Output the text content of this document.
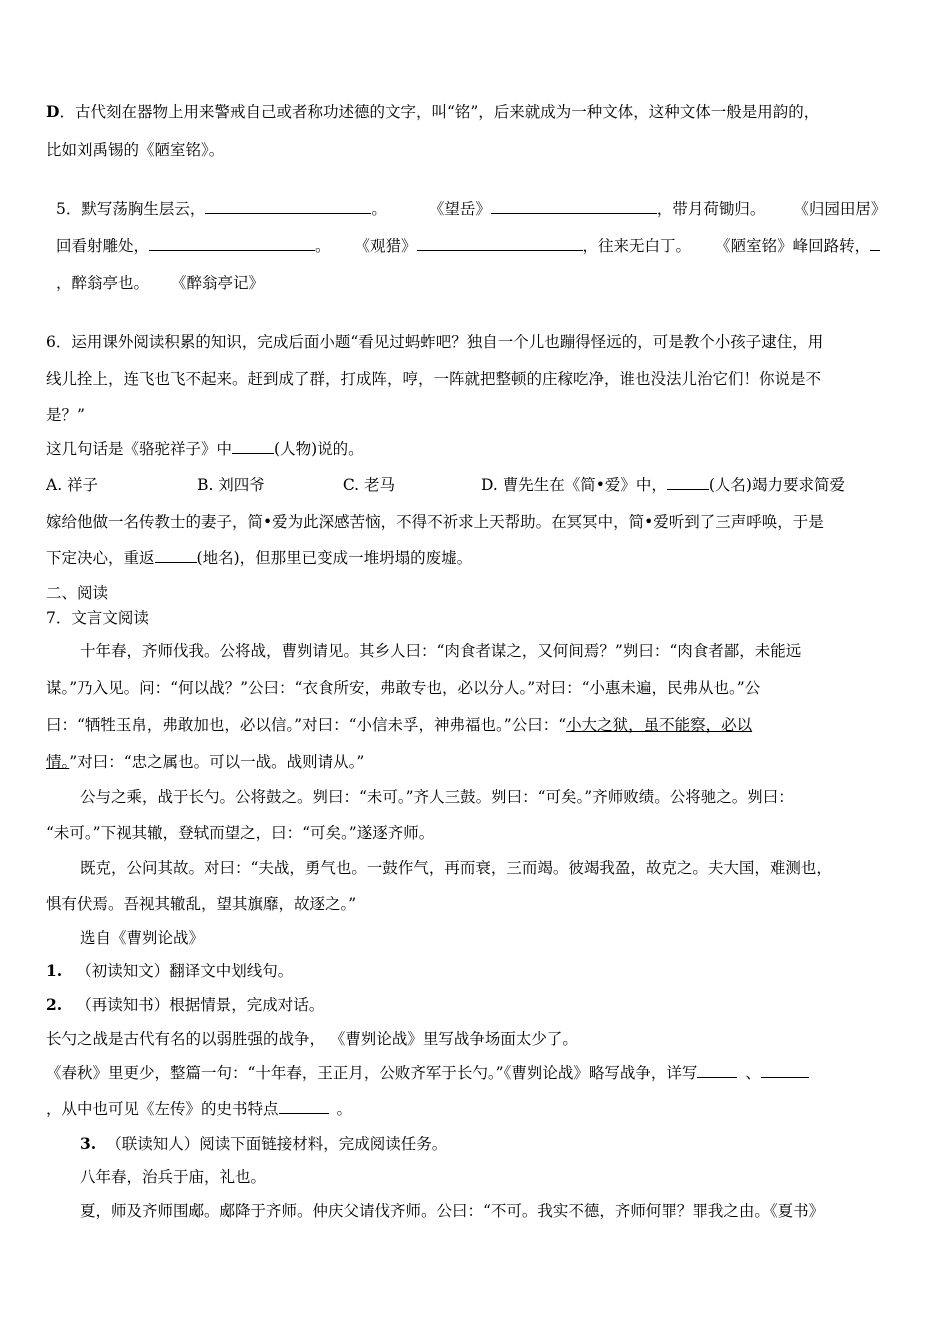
D．古代刻在器物上用来警戒自己或者称功述德的文字，叫“铭”，后来就成为一种文体，这种文体一般是用韵的，
比如刘禹锡的《陋室铭》。
5．默写荡胸生层云，	。	《望岳》	，带月荷锄归。 《归园田居》
回看射雕处，	。 《观猎》	，往来无白丁。 《陋室铭》峰回路转，
，醉翁亭也。 《醉翁亭记》
6．运用课外阅读积累的知识，完成后面小题“看见过蚂蚱吧？独自一个儿也蹦得怪远的，可是教个小孩子逮住，用
线儿拴上，连飞也飞不起来。赶到成了群，打成阵，哼，一阵就把整顿的庄稼吃净，谁也没法儿治它们！你说是不
是？”
这几句话是《骆驼祥子》中	(人物)说的。
A. 祥子	B. 刘四爷	C. 老马	D. 曹先生在《简•爱》中，	(人名)竭力要求简爱
嫁给他做一名传教士的妻子，简•爱为此深感苦恼，不得不祈求上天帮助。在冥冥中，简•爱听到了三声呼唤，于是
下定决心，重返	(地名)，但那里已变成一堆坍塌的废墟。
二、阅读
7．文言文阅读
十年春，齐师伐我。公将战，曹刿请见。其乡人曰：“肉食者谋之，又何间焉？”刿曰：“肉食者鄙，未能远
谋。”乃入见。问：“何以战？”公曰：“衣食所安，弗敢专也，必以分人。”对曰：“小惠未遍，民弗从也。”公
曰：“牺牲玉帛，弗敢加也，必以信。”对曰：“小信未孚，神弗福也。”公曰：“小大之狱，虽不能察，必以
情。”对曰：“忠之属也。可以一战。战则请从。”
公与之乘，战于长勺。公将鼓之。刿曰：“未可。”齐人三鼓。刿曰：“可矣。”齐师败绩。公将驰之。刿曰：
“未可。”下视其辙，登轼而望之，曰：“可矣。”遂逐齐师。
既克，公问其故。对曰：“夫战，勇气也。一鼓作气，再而衰，三而竭。彼竭我盈，故克之。夫大国，难测也，
惧有伏焉。吾视其辙乱，望其旗靡，故逐之。”
选自《曹刿论战》
1. （初读知文）翻译文中划线句。
2. （再读知书）根据情景，完成对话。
长勺之战是古代有名的以弱胜强的战争， 《曹刿论战》里写战争场面太少了。
《春秋》里更少，整篇一句：“十年春，王正月，公败齐军于长勺。”《曹刿论战》略写战争，详写	、
，从中也可见《左传》的史书特点	。
3. （联读知人）阅读下面链接材料，完成阅读任务。
八年春，治兵于庙，礼也。
夏，师及齐师围郕。郕降于齐师。仲庆父请伐齐师。公曰：“不可。我实不德，齐师何罪？罪我之由。《夏书》
